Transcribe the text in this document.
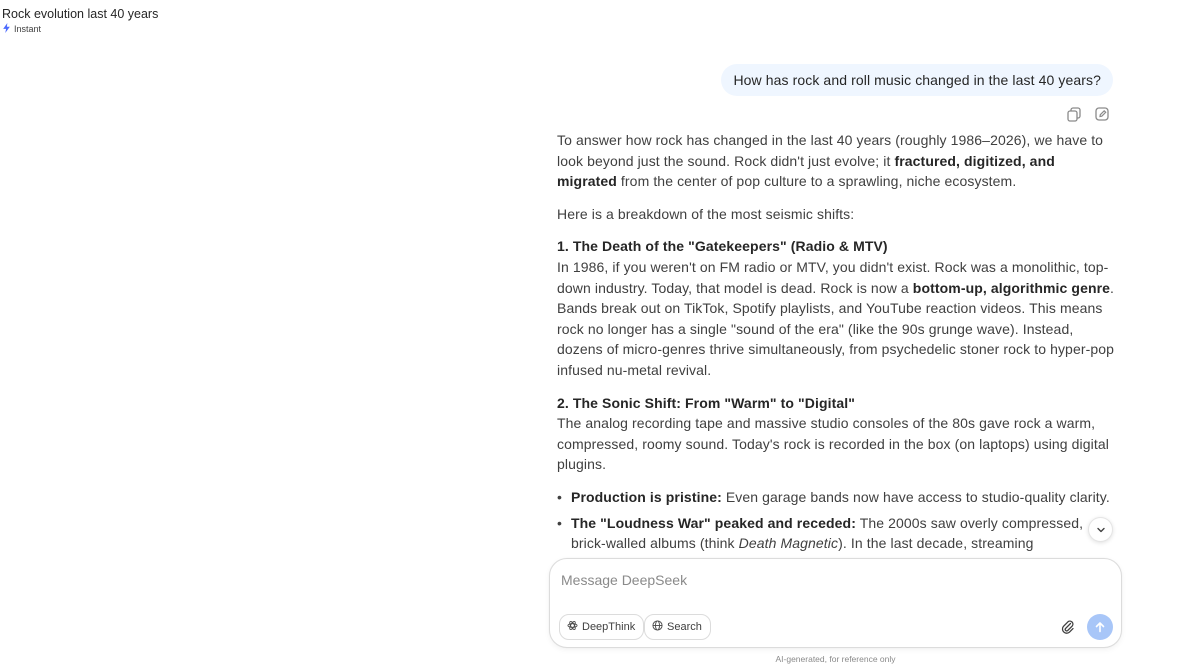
Rock evolution last 40 years
Instant
How has rock and roll music changed in the last 40 years?

To answer how rock has changed in the last 40 years (roughly 1986–2026), we have to look beyond just the sound. Rock didn't just evolve; it fractured, digitized, and migrated from the center of pop culture to a sprawling, niche ecosystem.

Here is a breakdown of the most seismic shifts:

1. The Death of the "Gatekeepers" (Radio & MTV)
In 1986, if you weren't on FM radio or MTV, you didn't exist. Rock was a monolithic, top-down industry. Today, that model is dead. Rock is now a bottom-up, algorithmic genre. Bands break out on TikTok, Spotify playlists, and YouTube reaction videos. This means rock no longer has a single "sound of the era" (like the 90s grunge wave). Instead, dozens of micro-genres thrive simultaneously, from psychedelic stoner rock to hyper-pop infused nu-metal revival.

2. The Sonic Shift: From "Warm" to "Digital"
The analog recording tape and massive studio consoles of the 80s gave rock a warm, compressed, roomy sound. Today's rock is recorded in the box (on laptops) using digital plugins.

• Production is pristine: Even garage bands now have access to studio-quality clarity.
• The "Loudness War" peaked and receded: The 2000s saw overly compressed, brick-walled albums (think Death Magnetic). In the last decade, streaming
Message DeepSeek
DeepThink	Search
AI-generated, for reference only
